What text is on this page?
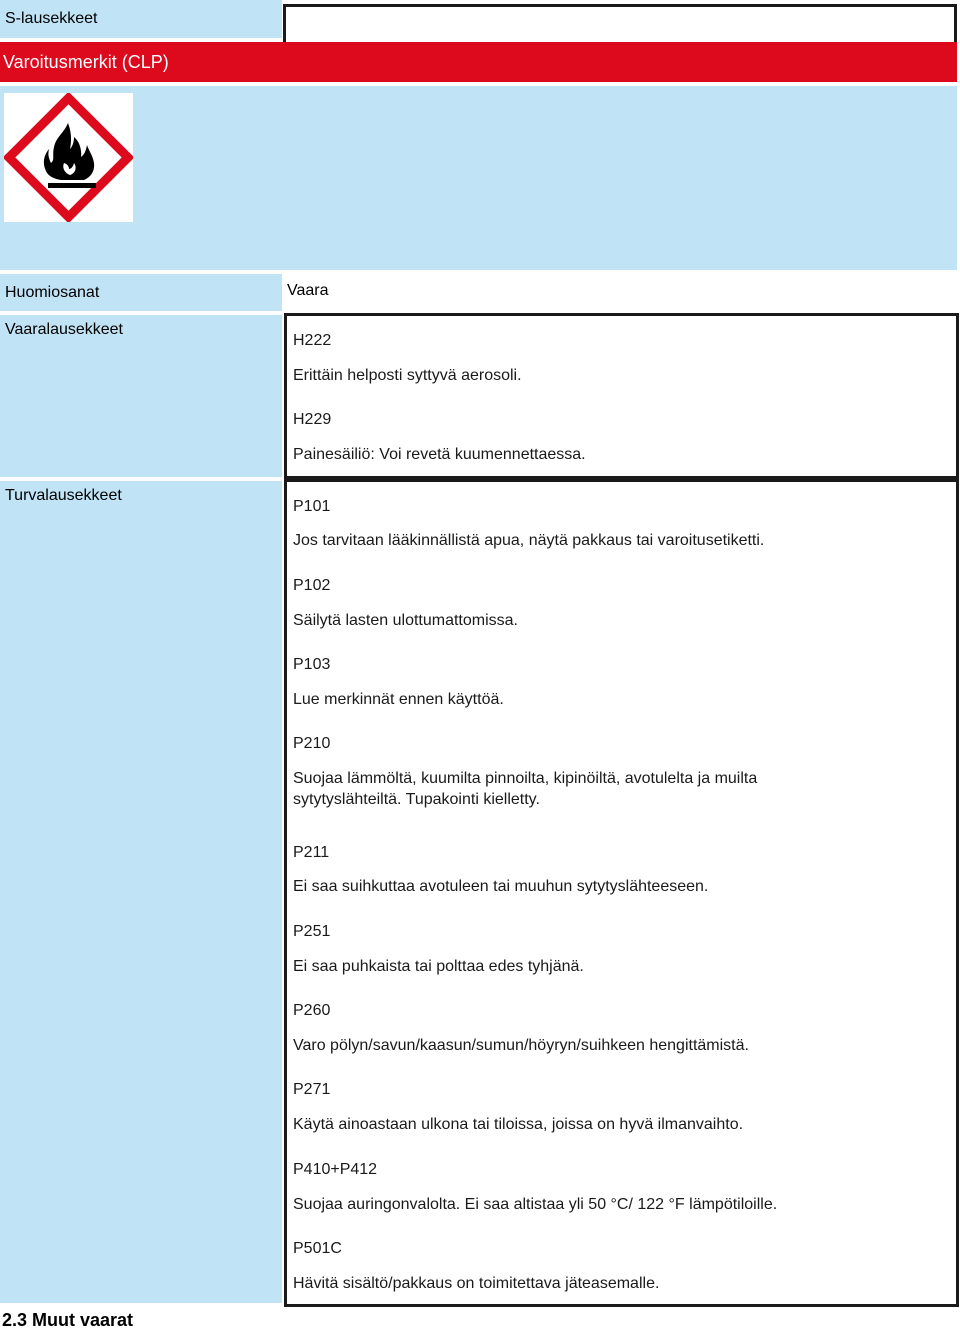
S-lausekkeet
Varoitusmerkit (CLP)
Huomiosanat	Vaara
Vaaralausekkeet
H222
Erittäin helposti syttyvä aerosoli.
H229
Painesäiliö: Voi revetä kuumennettaessa.
Turvalausekkeet
P101
Jos tarvitaan lääkinnällistä apua, näytä pakkaus tai varoitusetiketti.
P102
Säilytä lasten ulottumattomissa.
P103
Lue merkinnät ennen käyttöä.
P210
Suojaa lämmöltä, kuumilta pinnoilta, kipinöiltä, avotulelta ja muilta sytytyslähteiltä. Tupakointi kielletty.
P211
Ei saa suihkuttaa avotuleen tai muuhun sytytyslähteeseen.
P251
Ei saa puhkaista tai polttaa edes tyhjänä.
P260
Varo pölyn/savun/kaasun/sumun/höyryn/suihkeen hengittämistä.
P271
Käytä ainoastaan ulkona tai tiloissa, joissa on hyvä ilmanvaihto.
P410+P412
Suojaa auringonvalolta. Ei saa altistaa yli 50 °C/ 122 °F lämpötiloille.
P501C
Hävitä sisältö/pakkaus on toimitettava jäteasemalle.
2.3 Muut vaarat
